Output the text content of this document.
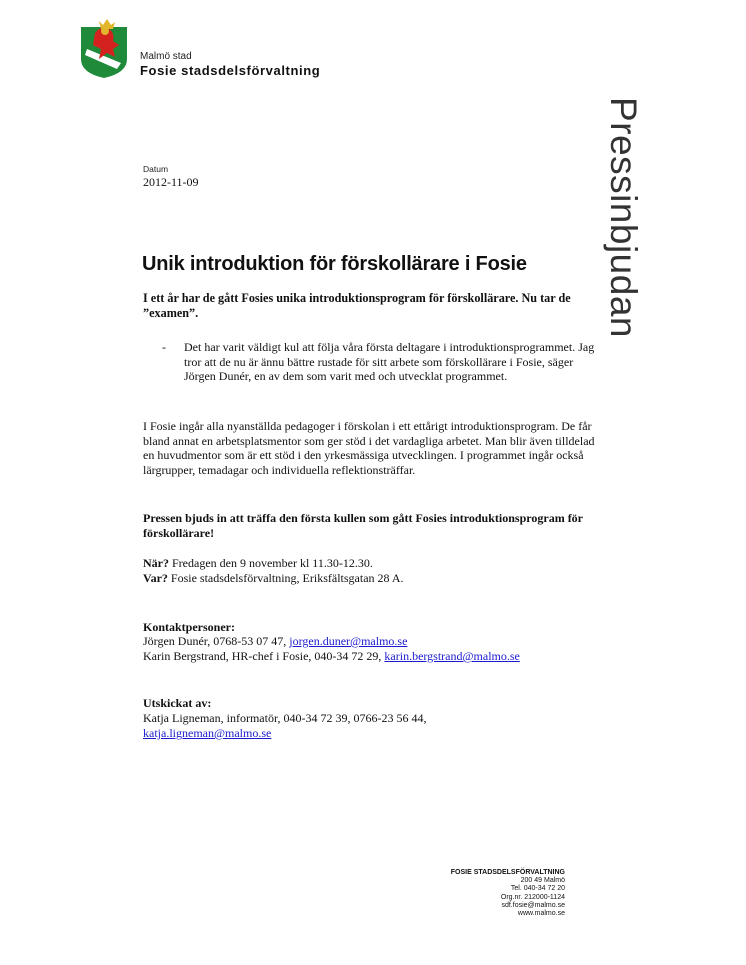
Malmö stad
Fosie stadsdelsförvaltning
Pressinbjudan
Datum
2012-11-09
Unik introduktion för förskollärare i Fosie
I ett år har de gått Fosies unika introduktionsprogram för förskollärare. Nu tar de ”examen”.
- Det har varit väldigt kul att följa våra första deltagare i introduktionsprogrammet. Jag tror att de nu är ännu bättre rustade för sitt arbete som förskollärare i Fosie, säger Jörgen Dunér, en av dem som varit med och utvecklat programmet.
I Fosie ingår alla nyanställda pedagoger i förskolan i ett ettårigt introduktionsprogram. De får bland annat en arbetsplatsmentor som ger stöd i det vardagliga arbetet. Man blir även tilldelad en huvudmentor som är ett stöd i den yrkesmässiga utvecklingen. I programmet ingår också lärgrupper, temadagar och individuella reflektionsträffar.
Pressen bjuds in att träffa den första kullen som gått Fosies introduktionsprogram för förskollärare!
När? Fredagen den 9 november kl 11.30-12.30.
Var? Fosie stadsdelsförvaltning, Eriksfältsgatan 28 A.
Kontaktpersoner:
Jörgen Dunér, 0768-53 07 47, jorgen.duner@malmo.se
Karin Bergstrand, HR-chef i Fosie, 040-34 72 29, karin.bergstrand@malmo.se
Utskickat av:
Katja Ligneman, informatör, 040-34 72 39, 0766-23 56 44,
katja.ligneman@malmo.se
FOSIE STADSDELSFÖRVALTNING
200 49 Malmö
Tel. 040-34 72 20
Org.nr. 212000-1124
sdf.fosie@malmo.se
www.malmo.se
